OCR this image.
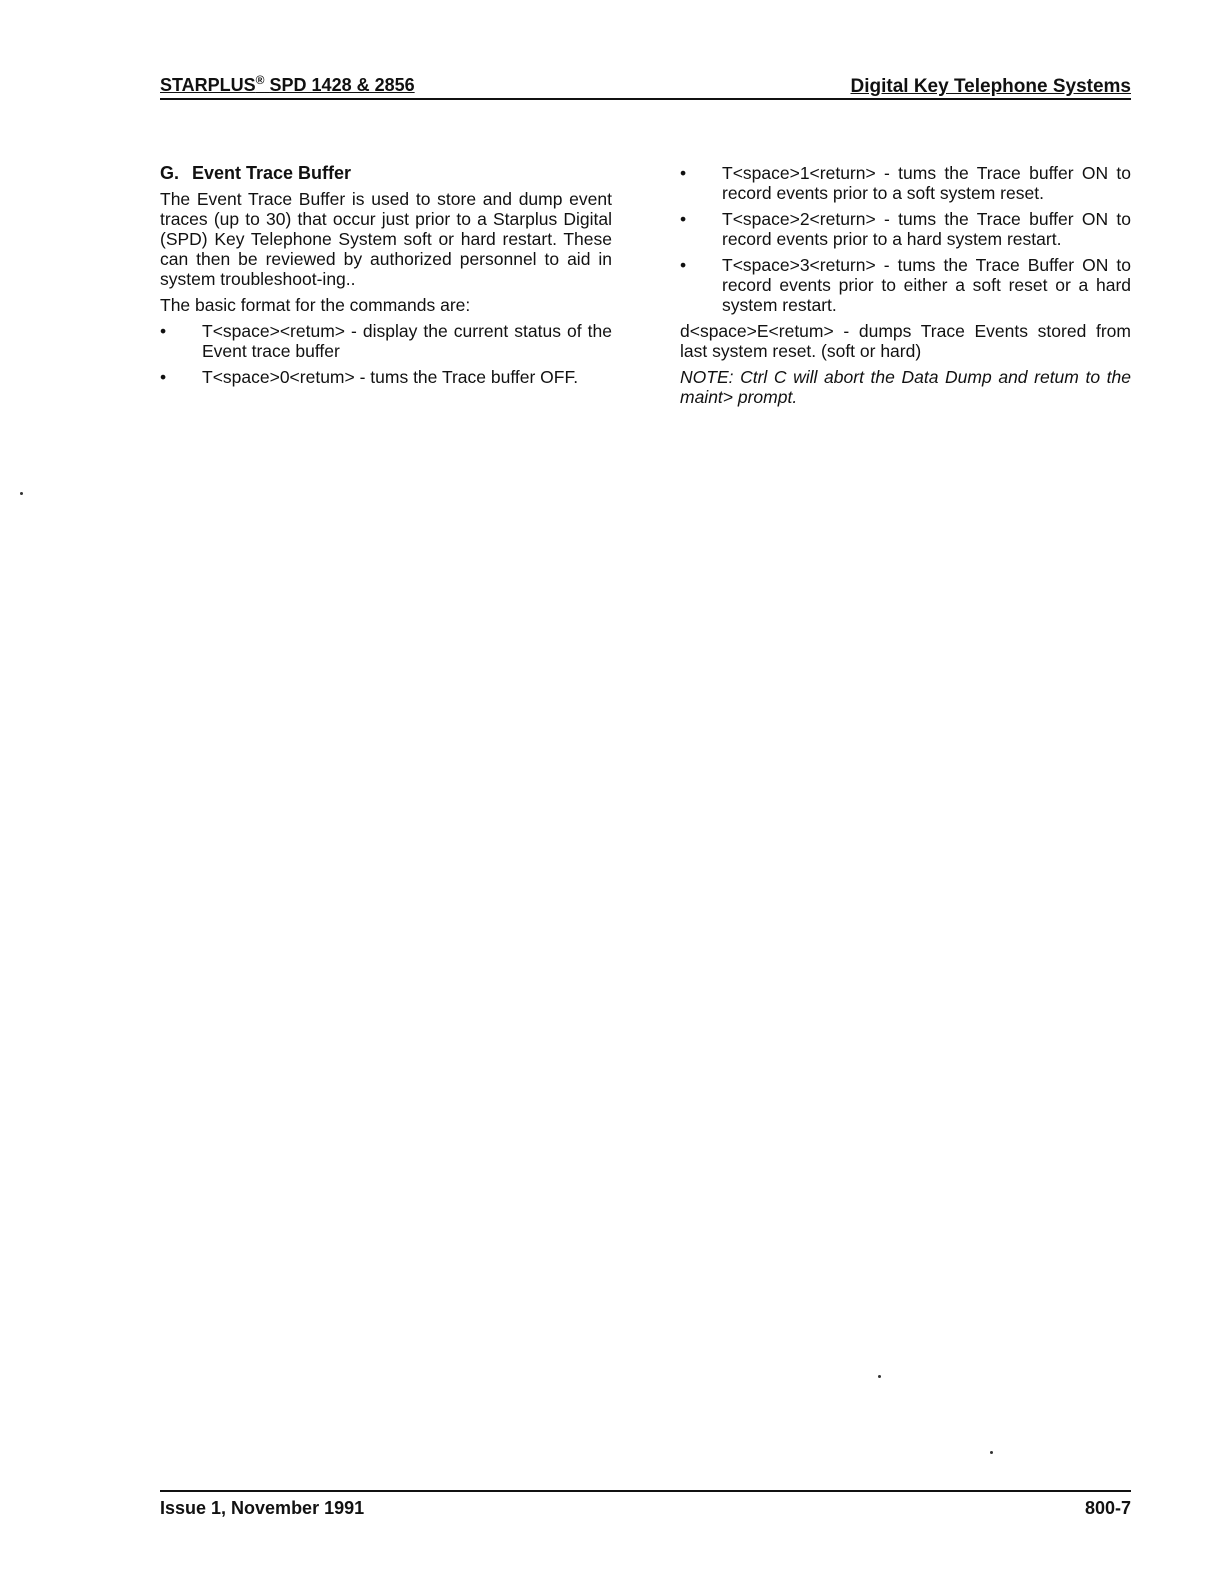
STARPLUS® SPD 1428 & 2856	Digital Key Telephone Systems
G. Event Trace Buffer

The Event Trace Buffer is used to store and dump event traces (up to 30) that occur just prior to a Starplus Digital (SPD) Key Telephone System soft or hard restart. These can then be reviewed by authorized personnel to aid in system troubleshoot-ing..

The basic format for the commands are:

• T<space><retum> - display the current status of the Event trace buffer
• T<space>0<retum> - tums the Trace buffer OFF.
• T<space>1<return> - tums the Trace buffer ON to record events prior to a soft system reset.
• T<space>2<return> - tums the Trace buffer ON to record events prior to a hard system restart.
• T<space>3<return> - tums the Trace Buffer ON to record events prior to either a soft reset or a hard system restart.

d<space>E<retum> - dumps Trace Events stored from last system reset. (soft or hard)

NOTE: Ctrl C will abort the Data Dump and retum to the maint> prompt.

Issue 1, November 1991	800-7
